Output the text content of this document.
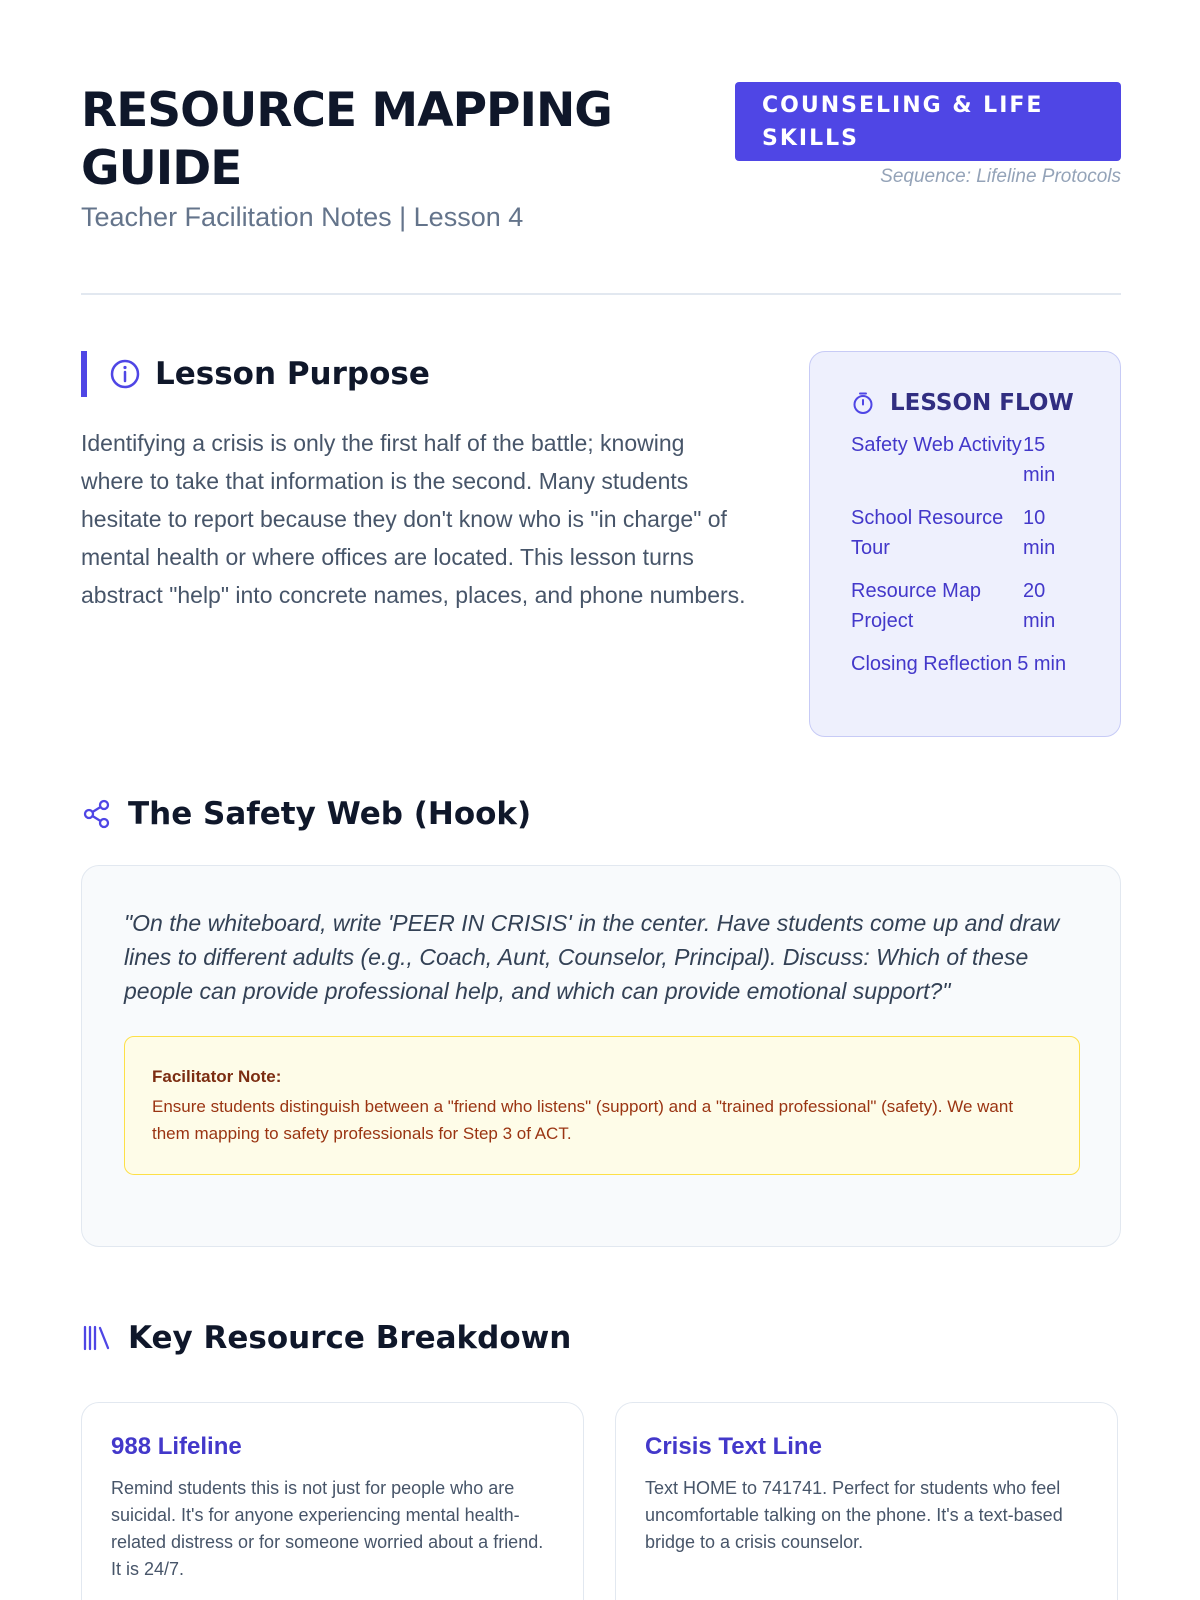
RESOURCE MAPPING GUIDE
Teacher Facilitation Notes | Lesson 4
COUNSELING & LIFE SKILLS
Sequence: Lifeline Protocols
Lesson Purpose
Identifying a crisis is only the first half of the battle; knowing where to take that information is the second. Many students hesitate to report because they don't know who is "in charge" of mental health or where offices are located. This lesson turns abstract "help" into concrete names, places, and phone numbers.
LESSON FLOW
Safety Web Activity 15 min
School Resource Tour
10 min
Resource Map Project
20 min
Closing Reflection 5 min
The Safety Web (Hook)
"On the whiteboard, write 'PEER IN CRISIS' in the center. Have students come up and draw lines to different adults (e.g., Coach, Aunt, Counselor, Principal). Discuss: Which of these people can provide professional help, and which can provide emotional support?"
Facilitator Note:
Ensure students distinguish between a "friend who listens" (support) and a "trained professional" (safety). We want them mapping to safety professionals for Step 3 of ACT.
Key Resource Breakdown
988 Lifeline
Remind students this is not just for people who are suicidal. It's for anyone experiencing mental health-related distress or for someone worried about a friend. It is 24/7.
Crisis Text Line
Text HOME to 741741. Perfect for students who feel uncomfortable talking on the phone. It's a text-based bridge to a crisis counselor.
